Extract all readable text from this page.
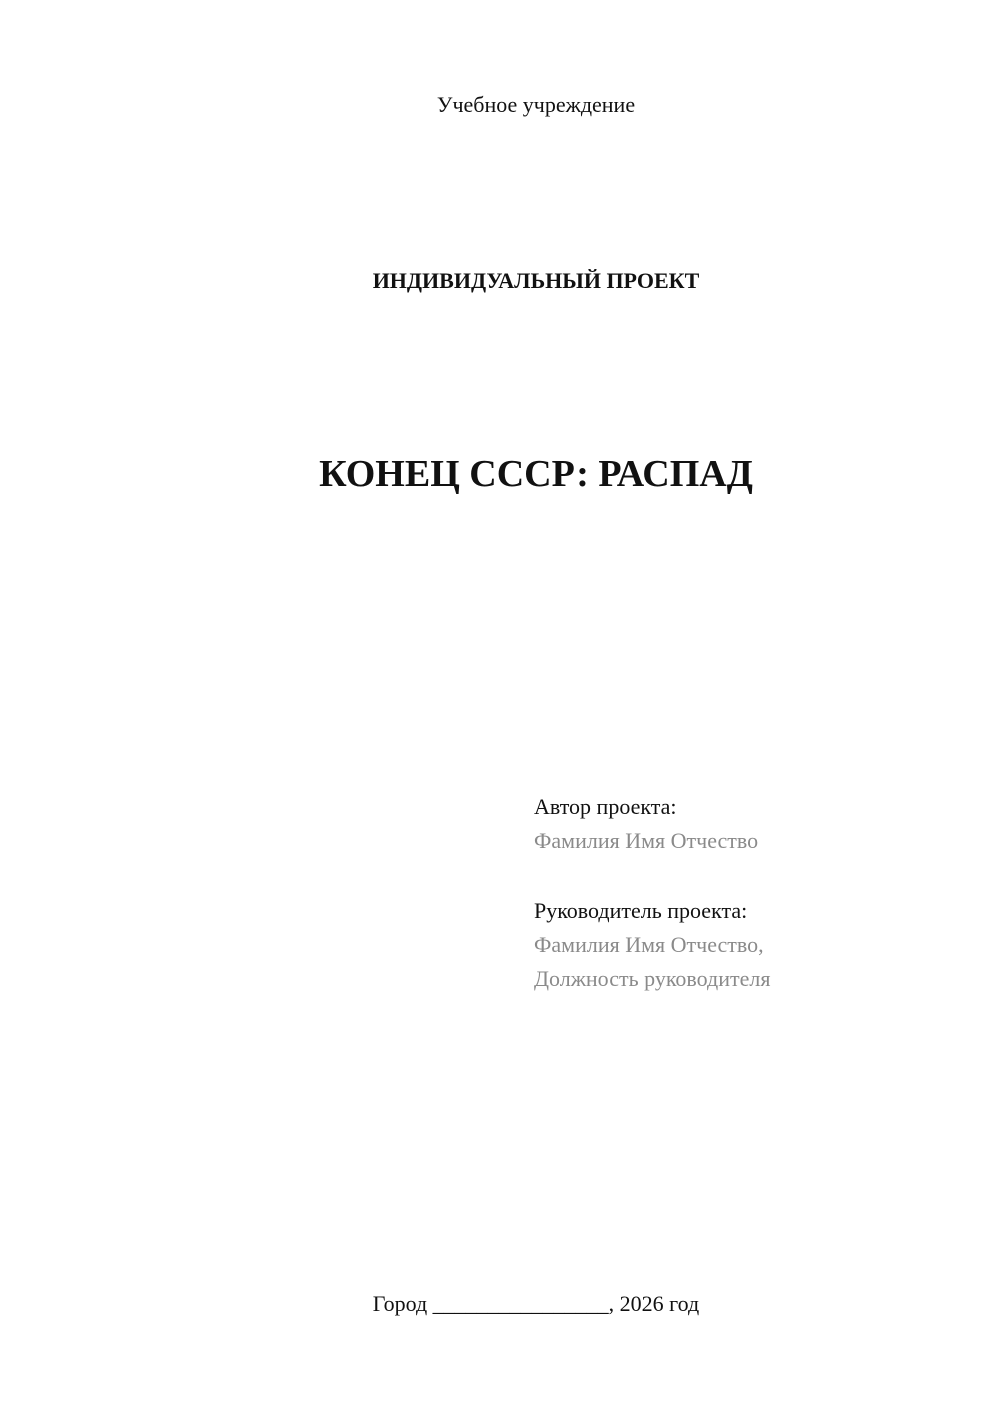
Учебное учреждение
ИНДИВИДУАЛЬНЫЙ ПРОЕКТ
КОНЕЦ СССР: РАСПАД
Автор проекта:
Фамилия Имя Отчество
Руководитель проекта:
Фамилия Имя Отчество,
Должность руководителя
Город ________________, 2026 год
